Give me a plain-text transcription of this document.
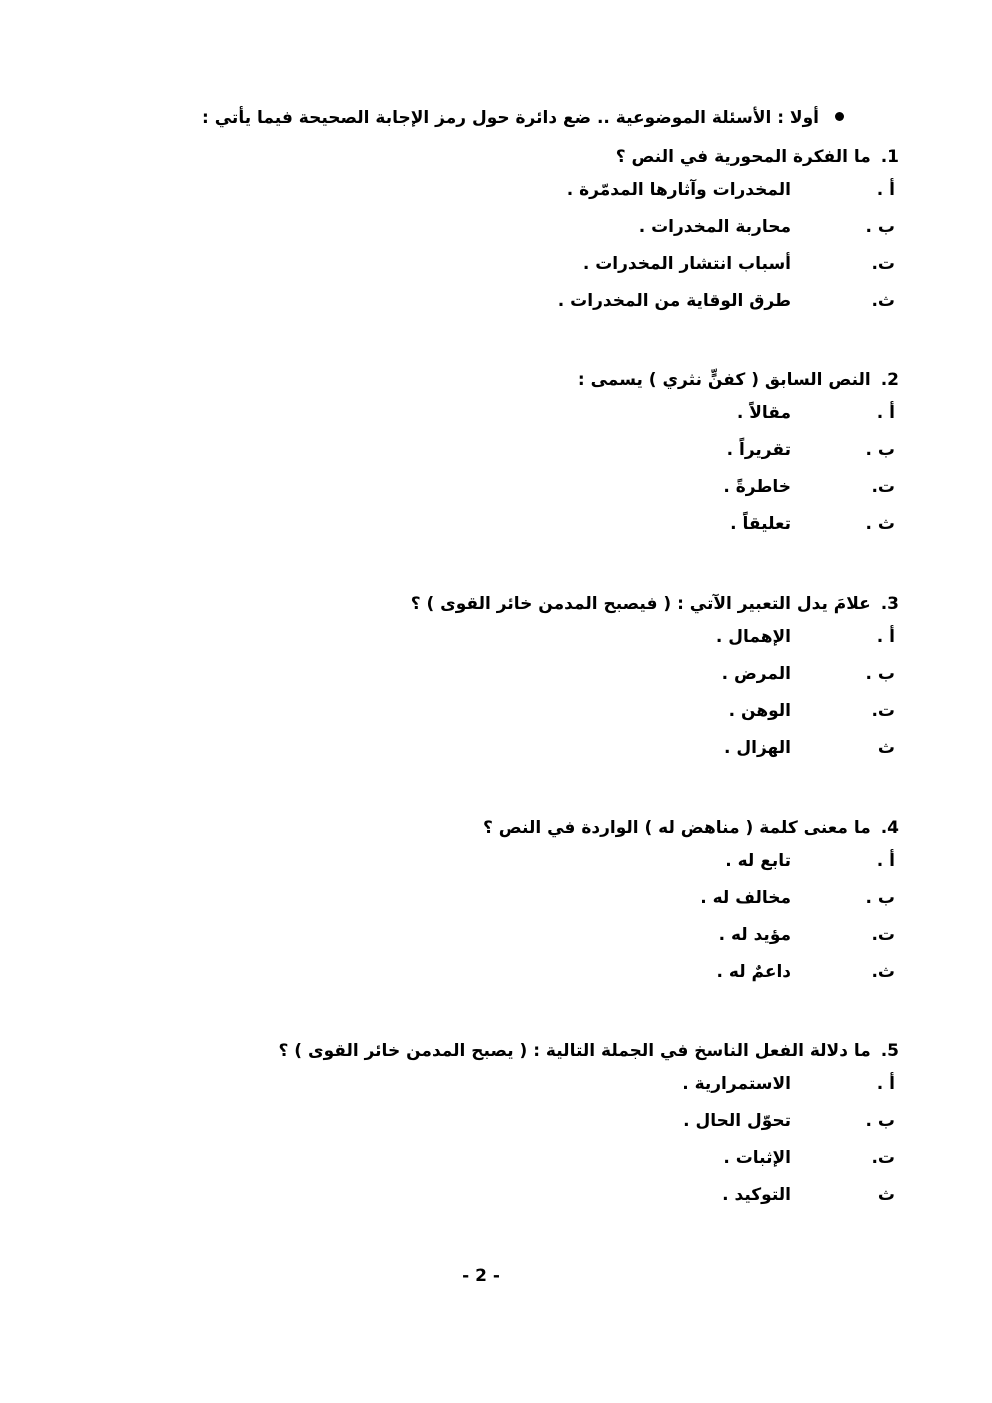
أولا : الأسئلة الموضوعية .. ضع دائرة حول رمز الإجابة الصحيحة فيما يأتي :
1. ما الفكرة المحورية في النص ؟
أ .المخدرات وآثارها المدمّرة .
ب .محاربة المخدرات .
ت.أسباب انتشار المخدرات .
ث.طرق الوقاية من المخدرات .
2. النص السابق ( كفنٍّ نثري ) يسمى :
أ .مقالاً .
ب .تقريراً .
ت.خاطرةً .
ث .تعليقاً .
3. علامَ يدل التعبير الآتي : ( فيصبح المدمن خائر القوى ) ؟
أ .الإهمال .
ب .المرض .
ت.الوهن .
ثالهزال .
4. ما معنى كلمة ( مناهض له ) الواردة في النص ؟
أ .تابع له .
ب .مخالف له .
ت.مؤيد له .
ث.داعمٌ له .
5. ما دلالة الفعل الناسخ في الجملة التالية : ( يصبح المدمن خائر القوى ) ؟
أ .الاستمرارية .
ب .تحوّل الحال .
ت.الإثبات .
ثالتوكيد .
- 2 -
